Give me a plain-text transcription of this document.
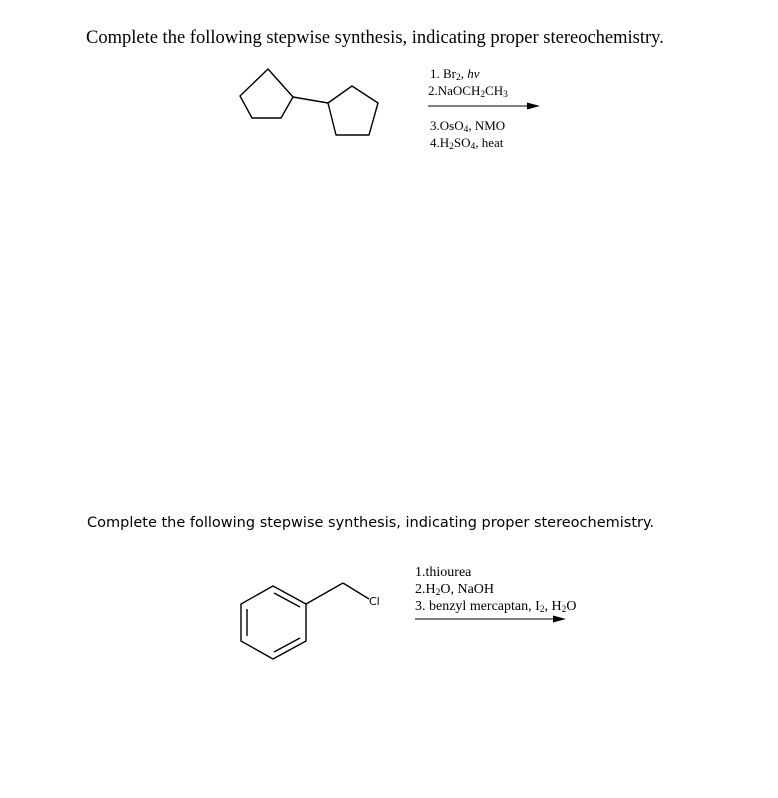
Complete the following stepwise synthesis, indicating proper stereochemistry.
1. $Br_2$, hv
$2.NaOCH_2CH_3$
3.OsO$_4$, NMO
$4.H_2SO_4$, heat
Complete the following stepwise synthesis, indicating proper stereochemistry.
Cl
1.thiourea
$2.H_2O$, NaOH
3. benzyl mercaptan, $I_2$, $H_2O$
